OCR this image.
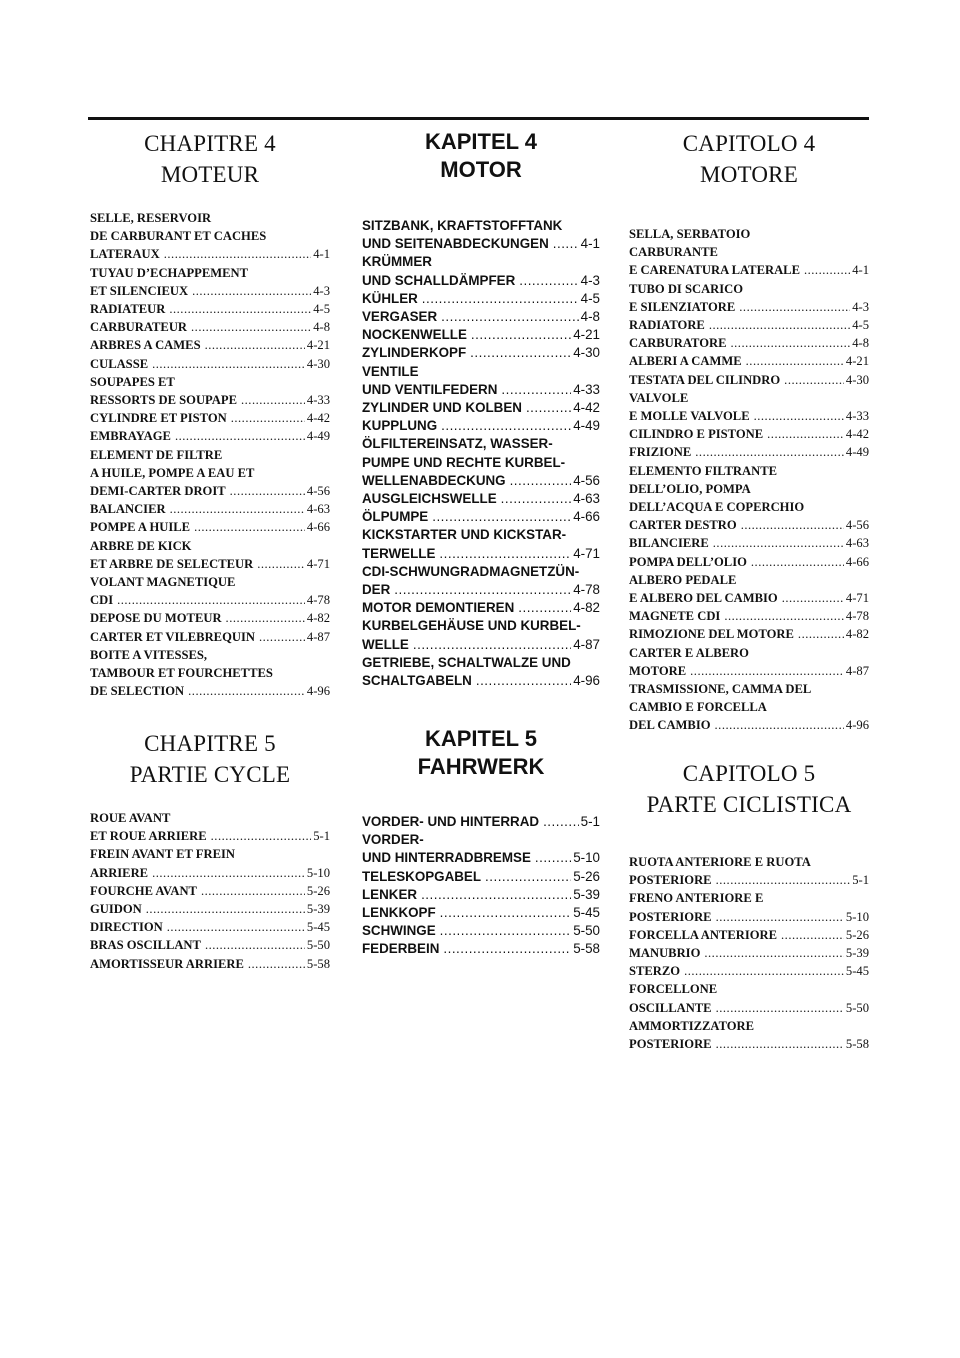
CHAPITRE 4
MOTEUR
SELLE, RESERVOIR
DE CARBURANT ET CACHES
LATERAUX .....	4-1
TUYAU D’ECHAPPEMENT
ET SILENCIEUX .....	4-3
RADIATEUR .....	4-5
CARBURATEUR .....	4-8
ARBRES A CAMES .....	4-21
CULASSE .....	4-30
SOUPAPES ET
RESSORTS DE SOUPAPE .....	4-33
CYLINDRE ET PISTON .....	4-42
EMBRAYAGE .....	4-49
ELEMENT DE FILTRE
A HUILE, POMPE A EAU ET
DEMI-CARTER DROIT .....	4-56
BALANCIER .....	4-63
POMPE A HUILE .....	4-66
ARBRE DE KICK
ET ARBRE DE SELECTEUR .....	4-71
VOLANT MAGNETIQUE
CDI .....	4-78
DEPOSE DU MOTEUR .....	4-82
CARTER ET VILEBREQUIN .....	4-87
BOITE A VITESSES,
TAMBOUR ET FOURCHETTES
DE SELECTION .....	4-96
KAPITEL 4
MOTOR
SITZBANK, KRAFTSTOFFTANK
UND SEITENABDECKUNGEN ..... 4-1
KRÜMMER
UND SCHALLDÄMPFER .....	4-3
KÜHLER .....	4-5
VERGASER .....	4-8
NOCKENWELLE .....	4-21
ZYLINDERKOPF .....	4-30
VENTILE
UND VENTILFEDERN .....	4-33
ZYLINDER UND KOLBEN .....	4-42
KUPPLUNG .....	4-49
ÖLFILTEREINSATZ, WASSER-
PUMPE UND RECHTE KURBEL-
WELLENABDECKUNG .....	4-56
AUSGLEICHSWELLE .....	4-63
ÖLPUMPE .....	4-66
KICKSTARTER UND KICKSTAR-
TERWELLE .....	4-71
CDI-SCHWUNGRADMAGNETZÜN-
DER .....	4-78
MOTOR DEMONTIEREN .....	4-82
KURBELGEHÄUSE UND KURBEL-
WELLE .....	4-87
GETRIEBE, SCHALTWALZE UND
SCHALTGABELN .....	4-96
CAPITOLO 4
MOTORE
SELLA, SERBATOIO
CARBURANTE
E CARENATURA LATERALE .....	4-1
TUBO DI SCARICO
E SILENZIATORE .....	4-3
RADIATORE .....	4-5
CARBURATORE .....	4-8
ALBERI A CAMME .....	4-21
TESTATA DEL CILINDRO .....	4-30
VALVOLE
E MOLLE VALVOLE .....	4-33
CILINDRO E PISTONE .....	4-42
FRIZIONE .....	4-49
ELEMENTO FILTRANTE
DELL’OLIO, POMPA
DELL’ACQUA E COPERCHIO
CARTER DESTRO .....	4-56
BILANCIERE .....	4-63
POMPA DELL’OLIO .....	4-66
ALBERO PEDALE
E ALBERO DEL CAMBIO .....	4-71
MAGNETE CDI .....	4-78
RIMOZIONE DEL MOTORE .....	4-82
CARTER E ALBERO
MOTORE .....	4-87
TRASMISSIONE, CAMMA DEL
CAMBIO E FORCELLA
DEL CAMBIO .....	4-96
CHAPITRE 5
PARTIE CYCLE
ROUE AVANT
ET ROUE ARRIERE .....	5-1
FREIN AVANT ET FREIN
ARRIERE .....	5-10
FOURCHE AVANT .....	5-26
GUIDON .....	5-39
DIRECTION .....	5-45
BRAS OSCILLANT .....	5-50
AMORTISSEUR ARRIERE .....	5-58
KAPITEL 5
FAHRWERK
VORDER- UND HINTERRAD .....	5-1
VORDER-
UND HINTERRADBREMSE .....	5-10
TELESKOPGABEL .....	5-26
LENKER .....	5-39
LENKKOPF .....	5-45
SCHWINGE .....	5-50
FEDERBEIN .....	5-58
CAPITOLO 5
PARTE CICLISTICA
RUOTA ANTERIORE E RUOTA
POSTERIORE .....	5-1
FRENO ANTERIORE E
POSTERIORE .....	5-10
FORCELLA ANTERIORE .....	5-26
MANUBRIO .....	5-39
STERZO .....	5-45
FORCELLONE
OSCILLANTE .....	5-50
AMMORTIZZATORE
POSTERIORE .....	5-58
